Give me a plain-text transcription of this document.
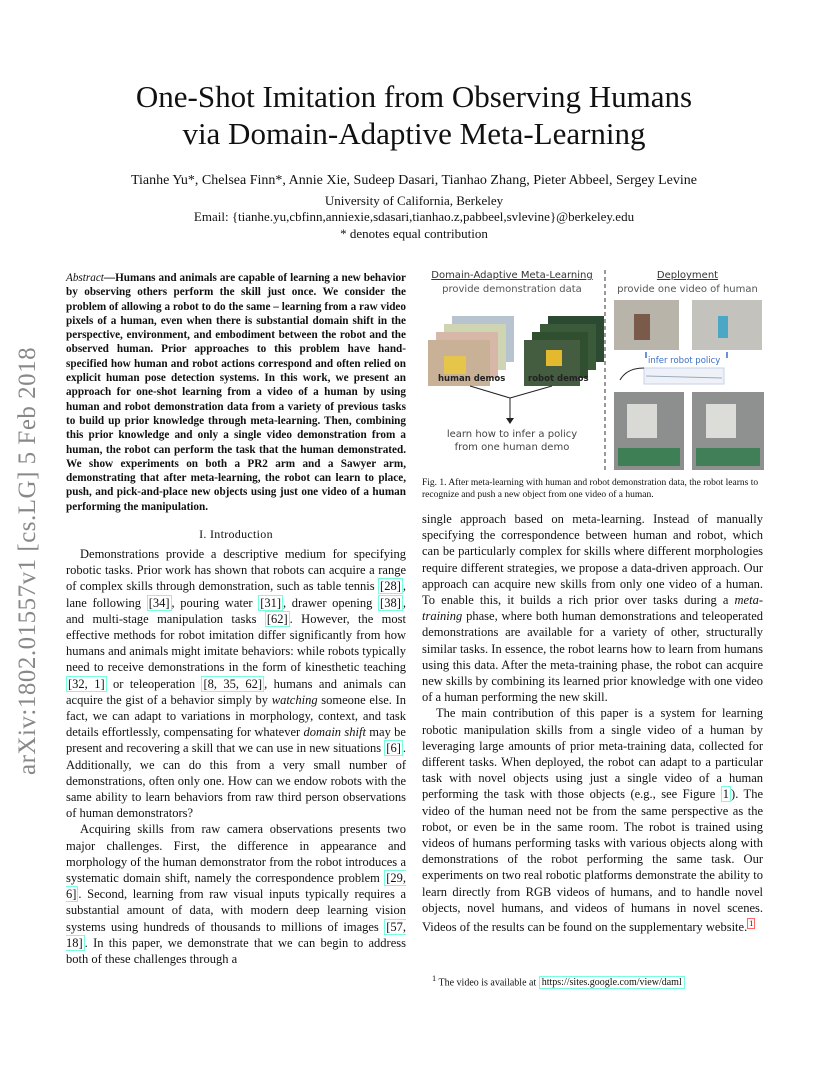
One-Shot Imitation from Observing Humans
via Domain-Adaptive Meta-Learning
Tianhe Yu*, Chelsea Finn*, Annie Xie, Sudeep Dasari, Tianhao Zhang, Pieter Abbeel, Sergey Levine
University of California, Berkeley
Email: {tianhe.yu,cbfinn,anniexie,sdasari,tianhao.z,pabbeel,svlevine}@berkeley.edu
* denotes equal contribution
arXiv:1802.01557v1 [cs.LG] 5 Feb 2018
Abstract—Humans and animals are capable of learning a new behavior by observing others perform the skill just once. We consider the problem of allowing a robot to do the same – learning from a raw video pixels of a human, even when there is substantial domain shift in the perspective, environment, and embodiment between the robot and the observed human. Prior approaches to this problem have hand-specified how human and robot actions correspond and often relied on explicit human pose detection systems. In this work, we present an approach for one-shot learning from a video of a human by using human and robot demonstration data from a variety of previous tasks to build up prior knowledge through meta-learning. Then, combining this prior knowledge and only a single video demonstration from a human, the robot can perform the task that the human demonstrated. We show experiments on both a PR2 arm and a Sawyer arm, demonstrating that after meta-learning, the robot can learn to place, push, and pick-and-place new objects using just one video of a human performing the manipulation.
I. Introduction

Demonstrations provide a descriptive medium for specifying robotic tasks. Prior work has shown that robots can acquire a range of complex skills through demonstration, such as table tennis [28] , lane following [34] , pouring water [31] , drawer opening [38] , and multi-stage manipulation tasks [62] . However, the most effective methods for robot imitation differ significantly from how humans and animals might imitate behaviors: while robots typically need to receive demonstrations in the form of kinesthetic teaching [32, 1] or teleoperation [8, 35, 62] , humans and animals can acquire the gist of a behavior simply by watching someone else. In fact, we can adapt to variations in morphology, context, and task details effortlessly, compensating for whatever domain shift may be present and recovering a skill that we can use in new situations [6] . Additionally, we can do this from a very small number of demonstrations, often only one. How can we endow robots with the same ability to learn behaviors from raw third person observations of human demonstrators?

Acquiring skills from raw camera observations presents two major challenges. First, the difference in appearance and morphology of the human demonstrator from the robot introduces a systematic domain shift, namely the correspondence problem [29, 6] . Second, learning from raw visual inputs typically requires a substantial amount of data, with modern deep learning vision systems using hundreds of thousands to millions of images [57, 18] . In this paper, we demonstrate that we can begin to address both of these challenges through a

Domain-Adaptive Meta-Learning
provide demonstration data
Deployment
provide one video of human
human demos	robot demos
infer robot policy
learn how to infer a policy
from one human demo
Fig. 1. After meta-learning with human and robot demonstration data, the robot learns to recognize and push a new object from one video of a human.

single approach based on meta-learning. Instead of manually specifying the correspondence between human and robot, which can be particularly complex for skills where different morphologies require different strategies, we propose a data-driven approach. Our approach can acquire new skills from only one video of a human. To enable this, it builds a rich prior over tasks during a meta-training phase, where both human demonstrations and teleoperated demonstrations are available for a variety of other, structurally similar tasks. In essence, the robot learns how to learn from humans using this data. After the meta-training phase, the robot can acquire new skills by combining its learned prior knowledge with one video of a human performing the new skill.

The main contribution of this paper is a system for learning robotic manipulation skills from a single video of a human by leveraging large amounts of prior meta-training data, collected for different tasks. When deployed, the robot can adapt to a particular task with novel objects using just a single video of a human performing the task with those objects (e.g., see Figure 1 ). The video of the human need not be from the same perspective as the robot, or even be in the same room. The robot is trained using videos of humans performing tasks with various objects along with demonstrations of the robot performing the same task. Our experiments on two real robotic platforms demonstrate the ability to learn directly from RGB videos of humans, and to handle novel objects, novel humans, and videos of humans in novel scenes. Videos of the results can be found on the supplementary website. $^1$

$^1$ The video is available at https://sites.google.com/view/daml
